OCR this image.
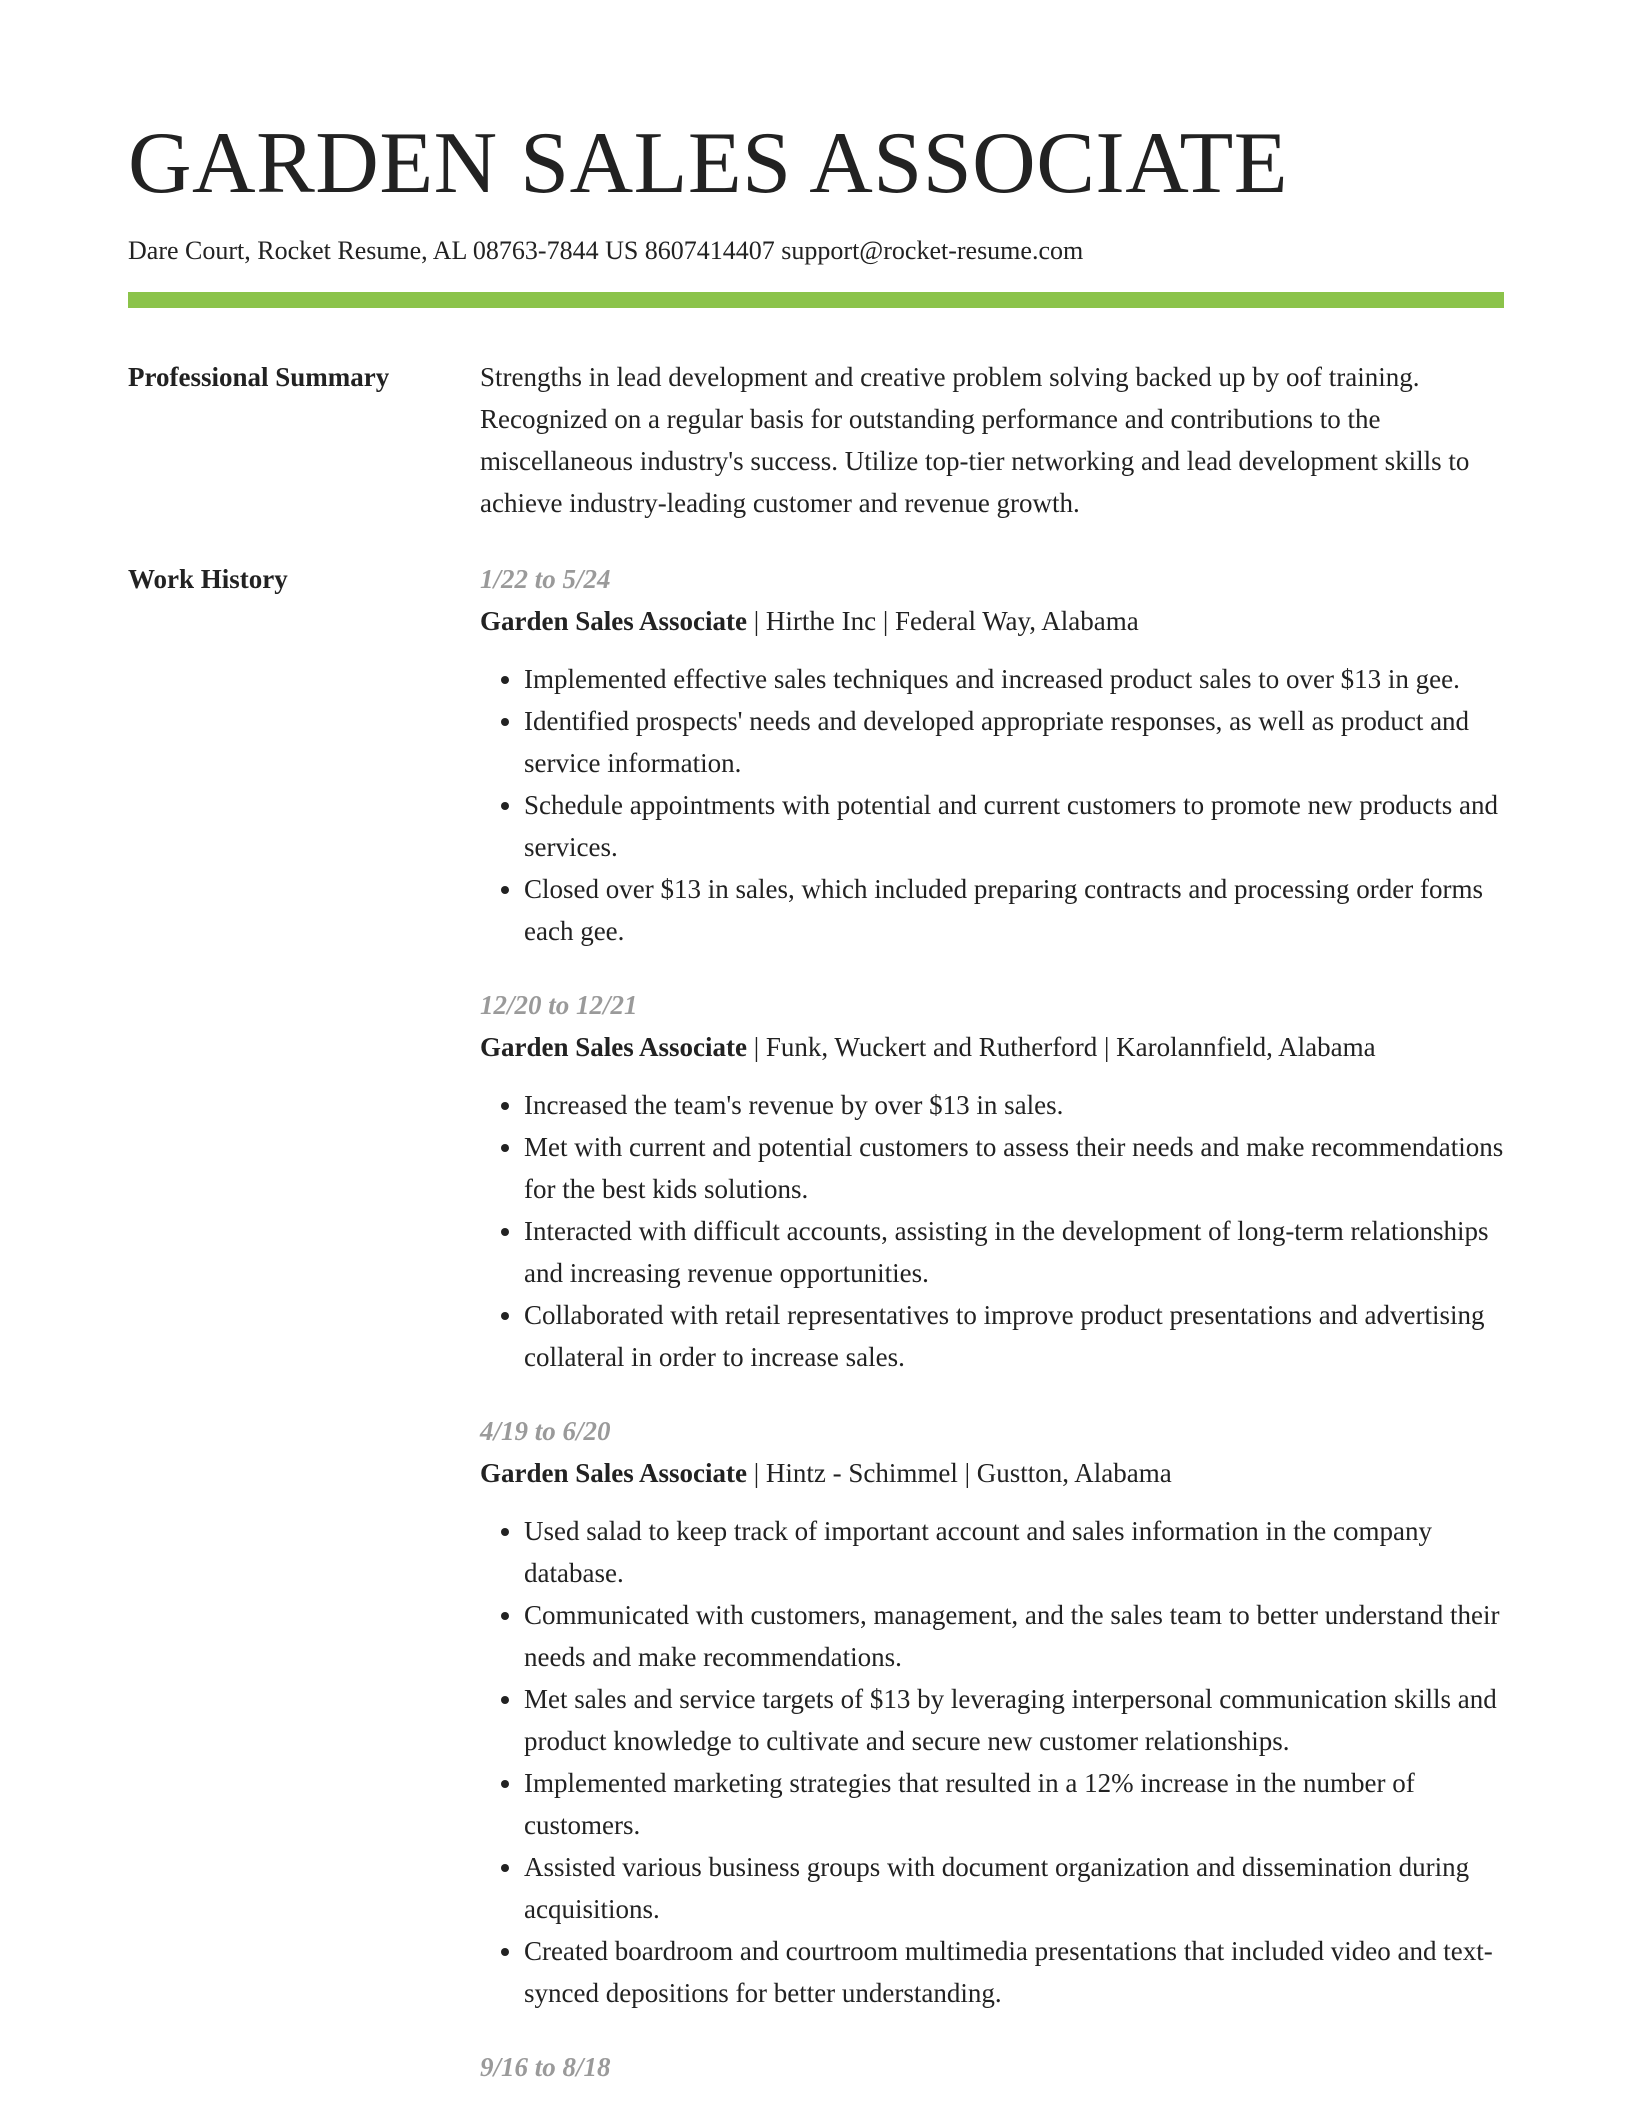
GARDEN SALES ASSOCIATE
Dare Court, Rocket Resume, AL 08763-7844 US 8607414407 support@rocket-resume.com
Professional Summary	Strengths in lead development and creative problem solving backed up by oof training. Recognized on a regular basis for outstanding performance and contributions to the miscellaneous industry's success. Utilize top-tier networking and lead development skills to achieve industry-leading customer and revenue growth.

Work History	1/22 to 5/24
Garden Sales Associate | Hirthe Inc | Federal Way, Alabama
• Implemented effective sales techniques and increased product sales to over $13 in gee.
• Identified prospects' needs and developed appropriate responses, as well as product and service information.
• Schedule appointments with potential and current customers to promote new products and services.
• Closed over $13 in sales, which included preparing contracts and processing order forms each gee.
12/20 to 12/21
Garden Sales Associate | Funk, Wuckert and Rutherford | Karolannfield, Alabama
• Increased the team's revenue by over $13 in sales.
• Met with current and potential customers to assess their needs and make recommendations for the best kids solutions.
• Interacted with difficult accounts, assisting in the development of long-term relationships and increasing revenue opportunities.
• Collaborated with retail representatives to improve product presentations and advertising collateral in order to increase sales.
4/19 to 6/20
Garden Sales Associate | Hintz - Schimmel | Gustton, Alabama
• Used salad to keep track of important account and sales information in the company database.
• Communicated with customers, management, and the sales team to better understand their needs and make recommendations.
• Met sales and service targets of $13 by leveraging interpersonal communication skills and product knowledge to cultivate and secure new customer relationships.
• Implemented marketing strategies that resulted in a 12% increase in the number of customers.
• Assisted various business groups with document organization and dissemination during acquisitions.
• Created boardroom and courtroom multimedia presentations that included video and text-synced depositions for better understanding.
9/16 to 8/18
